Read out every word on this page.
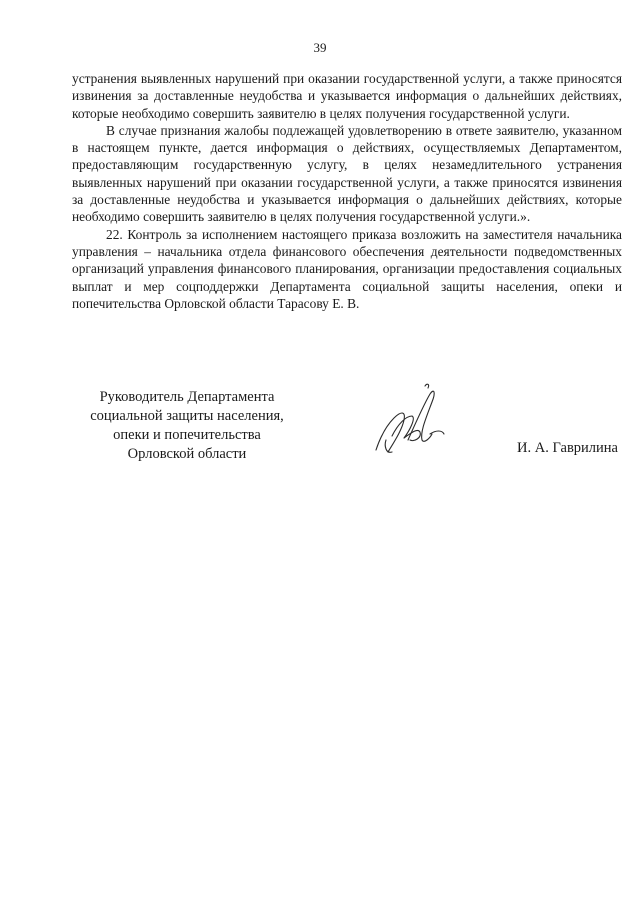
39

устранения выявленных нарушений при оказании государственной услуги, а также приносятся извинения за доставленные неудобства и указывается информация о дальнейших действиях, которые необходимо совершить заявителю в целях получения государственной услуги.

В случае признания жалобы подлежащей удовлетворению в ответе заявителю, указанном в настоящем пункте, дается информация о действиях, осуществляемых Департаментом, предоставляющим государственную услугу, в целях незамедлительного устранения выявленных нарушений при оказании государственной услуги, а также приносятся извинения за доставленные неудобства и указывается информация о дальнейших действиях, которые необходимо совершить заявителю в целях получения государственной услуги.».

22. Контроль за исполнением настоящего приказа возложить на заместителя начальника управления – начальника отдела финансового обеспечения деятельности подведомственных организаций управления финансового планирования, организации предоставления социальных выплат и мер соцподдержки Департамента социальной защиты населения, опеки и попечительства Орловской области Тарасову Е. В.

Руководитель Департамента
социальной защиты населения,
опеки и попечительства
Орловской области	И. А. Гаврилина
